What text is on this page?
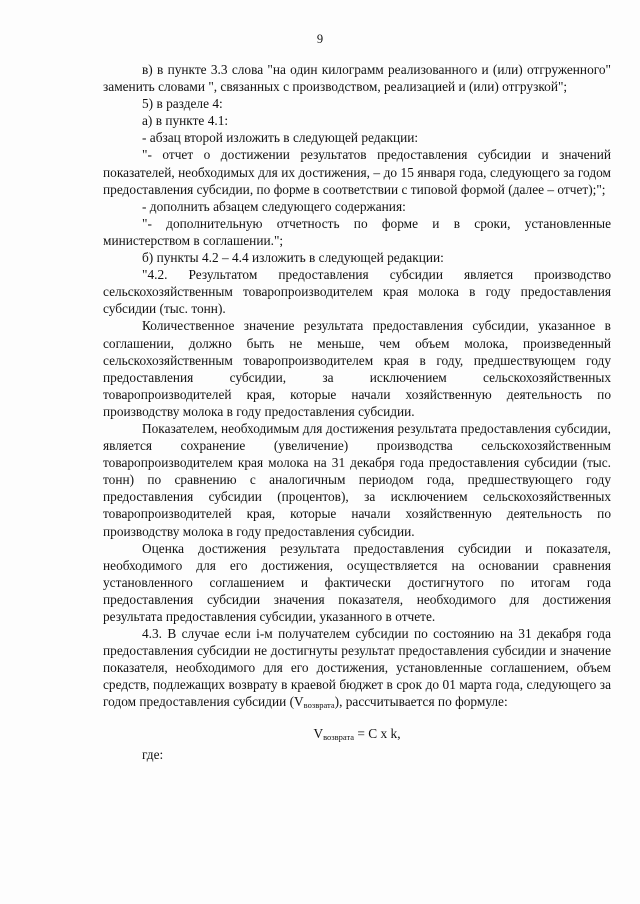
9

в) в пункте 3.3 слова "на один килограмм реализованного и (или) отгруженного" заменить словами ", связанных с производством, реализацией и (или) отгрузкой";

5) в разделе 4:

а) в пункте 4.1:

- абзац второй изложить в следующей редакции:

"- отчет о достижении результатов предоставления субсидии и значений показателей, необходимых для их достижения, – до 15 января года, следующего за годом предоставления субсидии, по форме в соответствии с типовой формой (далее – отчет);";

- дополнить абзацем следующего содержания:

"- дополнительную отчетность по форме и в сроки, установленные министерством в соглашении.";

б) пункты 4.2 – 4.4 изложить в следующей редакции:

"4.2. Результатом предоставления субсидии является производство сельскохозяйственным товаропроизводителем края молока в году предоставления субсидии (тыс. тонн).

Количественное значение результата предоставления субсидии, указанное в соглашении, должно быть не меньше, чем объем молока, произведенный сельскохозяйственным товаропроизводителем края в году, предшествующем году предоставления субсидии, за исключением сельскохозяйственных товаропроизводителей края, которые начали хозяйственную деятельность по производству молока в году предоставления субсидии.

Показателем, необходимым для достижения результата предоставления субсидии, является сохранение (увеличение) производства сельскохозяйственным товаропроизводителем края молока на 31 декабря года предоставления субсидии (тыс. тонн) по сравнению с аналогичным периодом года, предшествующего году предоставления субсидии (процентов), за исключением сельскохозяйственных товаропроизводителей края, которые начали хозяйственную деятельность по производству молока в году предоставления субсидии.

Оценка достижения результата предоставления субсидии и показателя, необходимого для его достижения, осуществляется на основании сравнения установленного соглашением и фактически достигнутого по итогам года предоставления субсидии значения показателя, необходимого для достижения результата предоставления субсидии, указанного в отчете.

4.3. В случае если i-м получателем субсидии по состоянию на 31 декабря года предоставления субсидии не достигнуты результат предоставления субсидии и значение показателя, необходимого для его достижения, установленные соглашением, объем средств, подлежащих возврату в краевой бюджет в срок до 01 марта года, следующего за годом предоставления субсидии (Vвозврата), рассчитывается по формуле:

$V_{возврата} = C$ x k,

где:
